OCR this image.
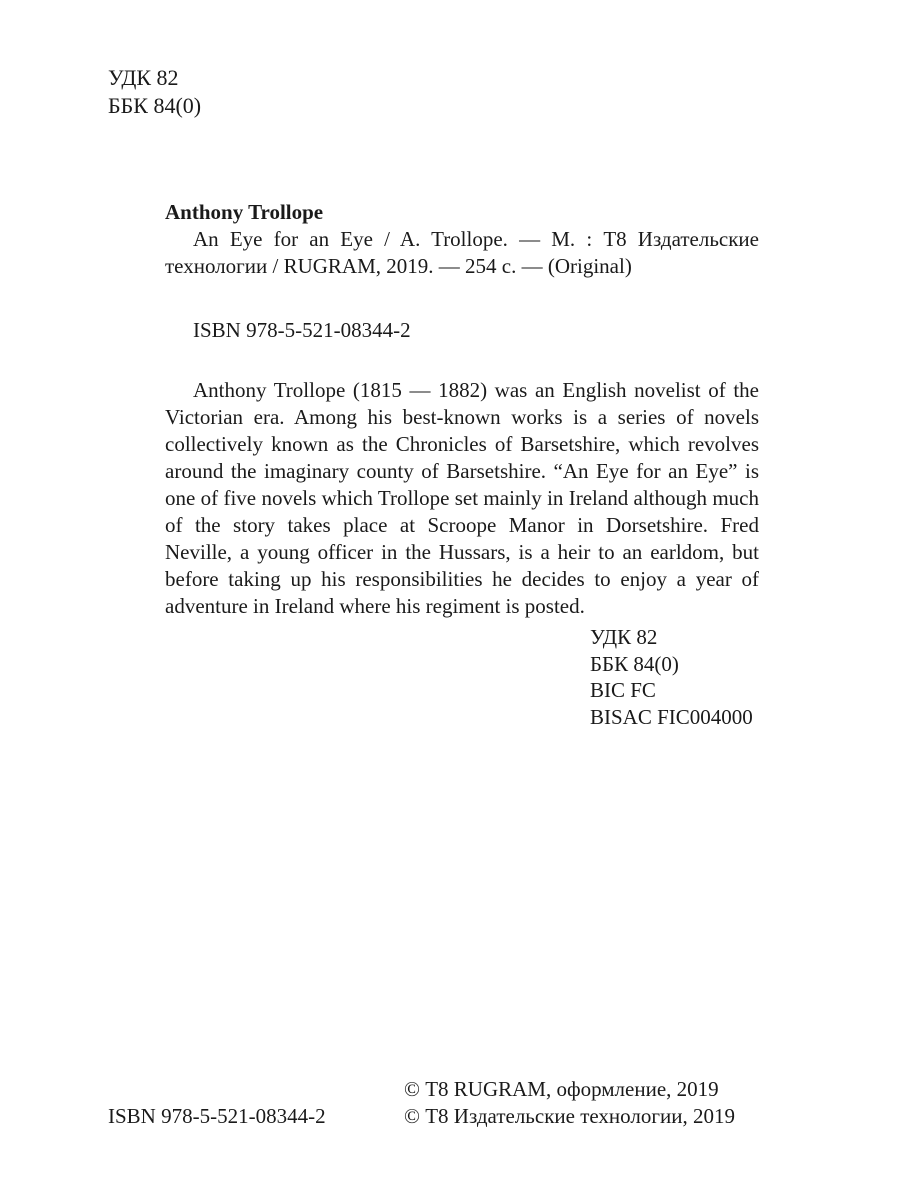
УДК 82
ББК 84(0)
Anthony Trollope

An Eye for an Eye / A. Trollope. — М. : Т8 Издательские технологии / RUGRAM, 2019. — 254 с. — (Original)

ISBN 978-5-521-08344-2

Anthony Trollope (1815 — 1882) was an English novelist of the Victorian era. Among his best-known works is a series of novels collectively known as the Chronicles of Barsetshire, which revolves around the imaginary county of Barsetshire. “An Eye for an Eye” is one of five novels which Trollope set mainly in Ireland although much of the story takes place at Scroope Manor in Dorsetshire. Fred Neville, a young officer in the Hussars, is a heir to an earldom, but before taking up his responsibilities he decides to enjoy a year of adventure in Ireland where his regiment is posted.

УДК 82
ББК 84(0)
BIC FC
BISAC FIC004000
ISBN 978-5-521-08344-2
© Т8 RUGRAM, оформление, 2019
© Т8 Издательские технологии, 2019
